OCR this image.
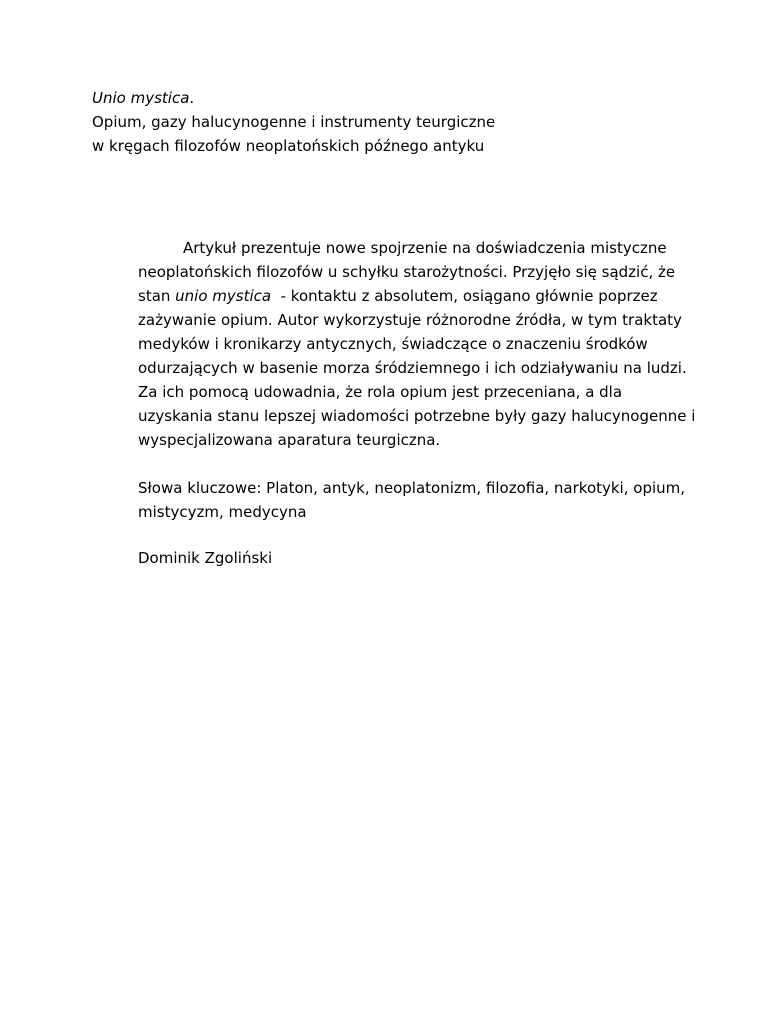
Unio mystica.
Opium, gazy halucynogenne i instrumenty teurgiczne
w kręgach filozofów neoplatońskich późnego antyku
Artykuł prezentuje nowe spojrzenie na doświadczenia mistyczne
neoplatońskich filozofów u schyłku starożytności. Przyjęło się sądzić, że
stan unio mystica  - kontaktu z absolutem, osiągano głównie poprzez
zażywanie opium. Autor wykorzystuje różnorodne źródła, w tym traktaty
medyków i kronikarzy antycznych, świadczące o znaczeniu środków
odurzających w basenie morza śródziemnego i ich odziaływaniu na ludzi.
Za ich pomocą udowadnia, że rola opium jest przeceniana, a dla
uzyskania stanu lepszej wiadomości potrzebne były gazy halucynogenne i
wyspecjalizowana aparatura teurgiczna.
Słowa kluczowe: Platon, antyk, neoplatonizm, filozofia, narkotyki, opium,
mistycyzm, medycyna
Dominik Zgoliński
